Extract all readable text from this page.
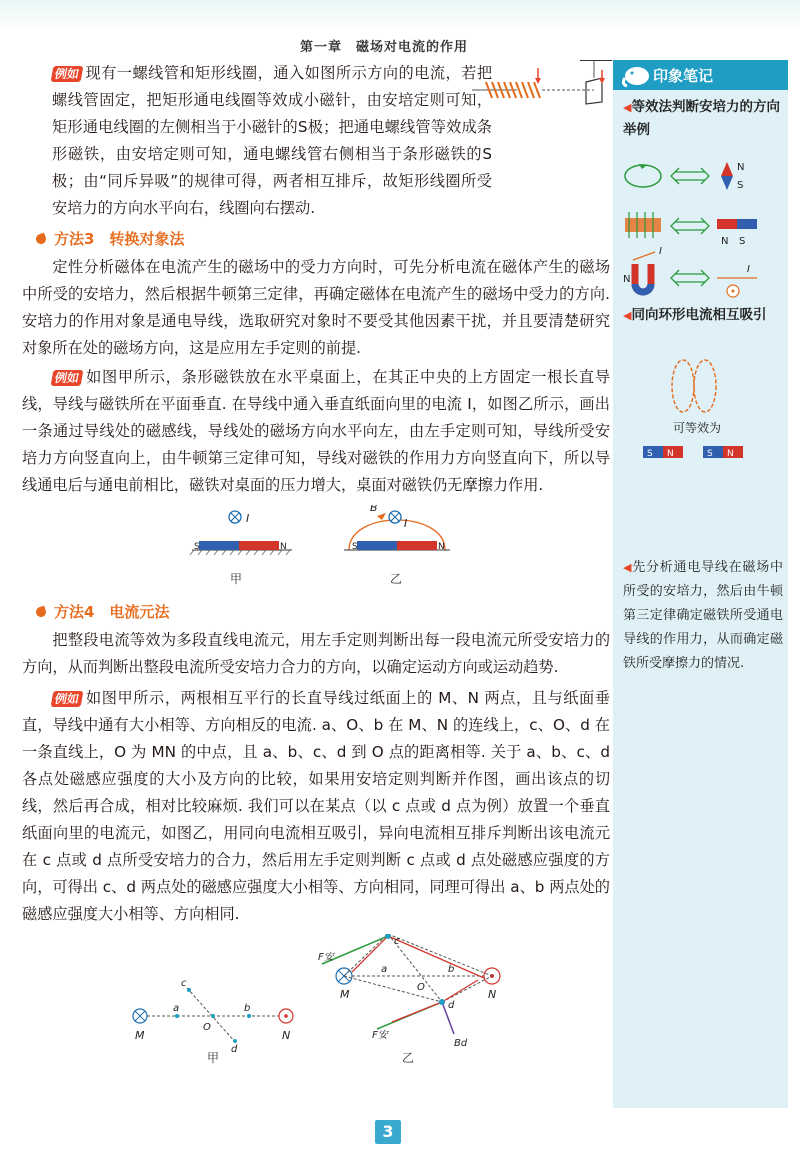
第一章　磁场对电流的作用

例如 现有一螺线管和矩形线圈，通入如图所示方向的电流，若把螺线管固定，把矩形通电线圈等效成小磁针，由安培定则可知，矩形通电线圈的左侧相当于小磁针的S极；把通电螺线管等效成条形磁铁，由安培定则可知，通电螺线管右侧相当于条形磁铁的S极；由“同斥异吸”的规律可得，两者相互排斥，故矩形线圈所受安培力的方向水平向右，线圈向右摆动.

方法3　转换对象法

定性分析磁体在电流产生的磁场中的受力方向时，可先分析电流在磁体产生的磁场中所受的安培力，然后根据牛顿第三定律，再确定磁体在电流产生的磁场中受力的方向. 安培力的作用对象是通电导线，选取研究对象时不要受其他因素干扰，并且要清楚研究对象所在处的磁场方向，这是应用左手定则的前提.

例如 如图甲所示，条形磁铁放在水平桌面上，在其正中央的上方固定一根长直导线，导线与磁铁所在平面垂直. 在导线中通入垂直纸面向里的电流 I，如图乙所示，画出一条通过导线处的磁感线，导线处的磁场方向水平向左，由左手定则可知，导线所受安培力方向竖直向上，由牛顿第三定律可知，导线对磁铁的作用力方向竖直向下，所以导线通电后与通电前相比，磁铁对桌面的压力增大，桌面对磁铁仍无摩擦力作用.

I
S	N
甲
B
I
S	N
乙
方法4　电流元法

把整段电流等效为多段直线电流元，用左手定则判断出每一段电流元所受安培力的方向，从而判断出整段电流所受安培力合力的方向，以确定运动方向或运动趋势.

例如 如图甲所示，两根相互平行的长直导线过纸面上的 M、N 两点，且与纸面垂直，导线中通有大小相等、方向相反的电流. a、O、b 在 M、N 的连线上，c、O、d 在一条直线上，O 为 MN 的中点，且 a、b、c、d 到 O 点的距离相等. 关于 a、b、c、d 各点处磁感应强度的大小及方向的比较，如果用安培定则判断并作图，画出该点的切线，然后再合成，相对比较麻烦. 我们可以在某点（以 c 点或 d 点为例）放置一个垂直纸面向里的电流元，如图乙，用同向电流相互吸引，异向电流相互排斥判断出该电流元在 c 点或 d 点所受安培力的合力，然后用左手定则判断 c 点或 d 点处磁感应强度的方向，可得出 c、d 两点处的磁感应强度大小相等、方向相同，同理可得出 a、b 两点处的磁感应强度大小相等、方向相同.

M	N
a	b
O
c
d
甲
F安
F安
M	N
a	b
O
c
d
Bd
乙
印象笔记
◀等效法判断安培力的方向举例
N
S
N S
I
N
I
◀同向环形电流相互吸引
可等效为
S N	S N
◀先分析通电导线在磁场中所受的安培力，然后由牛顿第三定律确定磁铁所受通电导线的作用力，从而确定磁铁所受摩擦力的情况.
3
